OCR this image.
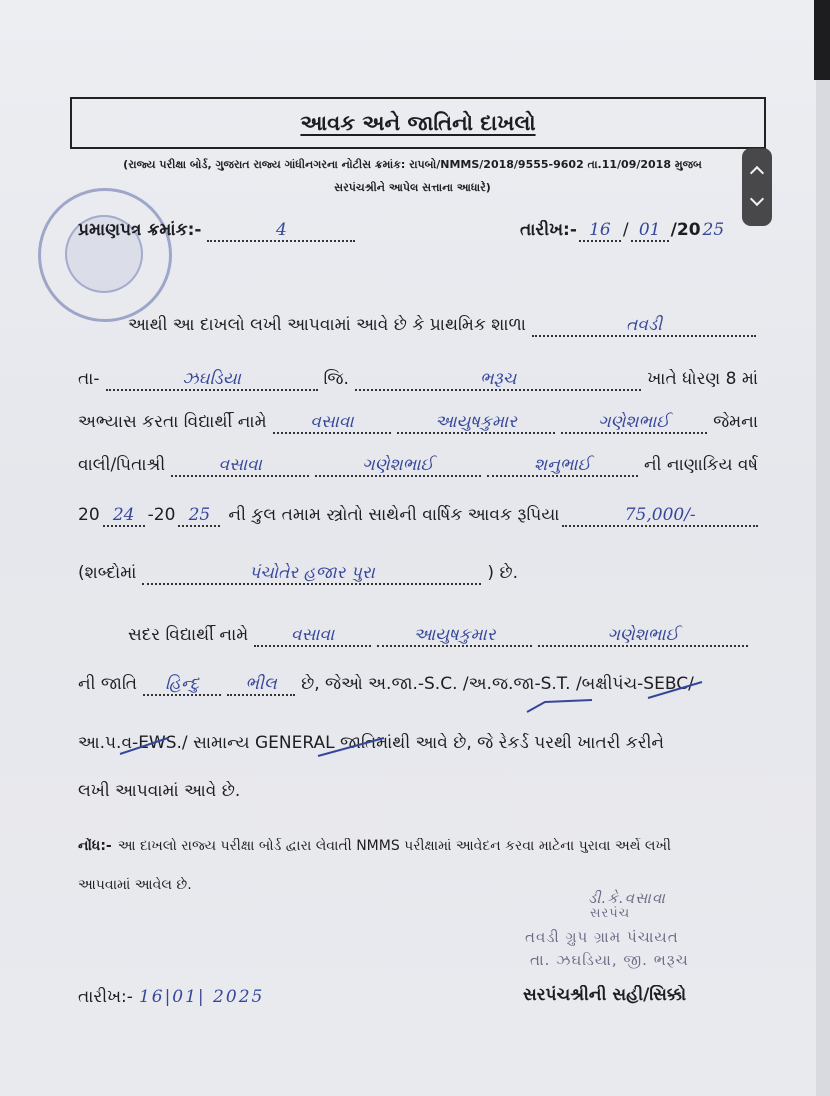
આવક અને જાતિનો દાખલો
(રાજ્ય પરીક્ષા બોર્ડ, ગુજરાત રાજ્ય ગાંધીનગરના નોટીસ ક્રમાંક: રાપબો/NMMS/2018/9555-9602 તા.11/09/2018 મુજબ
સરપંચશ્રીને આપેલ સત્તાના આધારે)
પ્રમાણપત્ર ક્રમાંક:-	4	તારીખ:- 16 / 01 /20 25
આથી આ દાખલો લખી આપવામાં આવે છે કે પ્રાથમિક શાળા	તવડી
તા-	ઝઘડિયા	જિ.	ભરૂચ	ખાતે ધોરણ 8 માં
અભ્યાસ કરતા વિદ્યાર્થી નામે	વસાવા	આયુષકુમાર	ગણેશભાઈ	જેમના
વાલી/પિતાશ્રી	વસાવા	ગણેશભાઈ	શનુભાઈ	ની નાણાકિય વર્ષ
20 24 -20 25	ની કુલ તમામ સ્ત્રોતો સાથેની વાર્ષિક આવક રૂપિયા	75,000/-
(શબ્દોમાં	પંચોતેર હજાર પુરા	) છે.
સદર વિદ્યાર્થી નામે	વસાવા	આયુષકુમાર	ગણેશભાઈ
ની જાતિ	હિન્દુ	ભીલ	છે, જેઓ અ.જા.-S.C. /અ.જ.જા-S.T. /બક્ષીપંચ-SEBC/
આ.પ.વ-EWS./ સામાન્ય GENERAL જાતિમાંથી આવે છે, જે રેકર્ડ પરથી ખાતરી કરીને
લખી આપવામાં આવે છે.
નોંધ:- આ દાખલો રાજ્ય પરીક્ષા બોર્ડ દ્વારા લેવાતી NMMS પરીક્ષામાં આવેદન કરવા માટેના પુરાવા અર્થે લખી
આપવામાં આવેલ છે.
ડી.કે.વસાવા
સરપંચ
તવડી ગ્રુપ ગ્રામ પંચાયત
તા. ઝઘડિયા, જી. ભરૂચ
સરપંચશ્રીની સહી/સિક્કો
તારીખ:- 16|01| 2025
